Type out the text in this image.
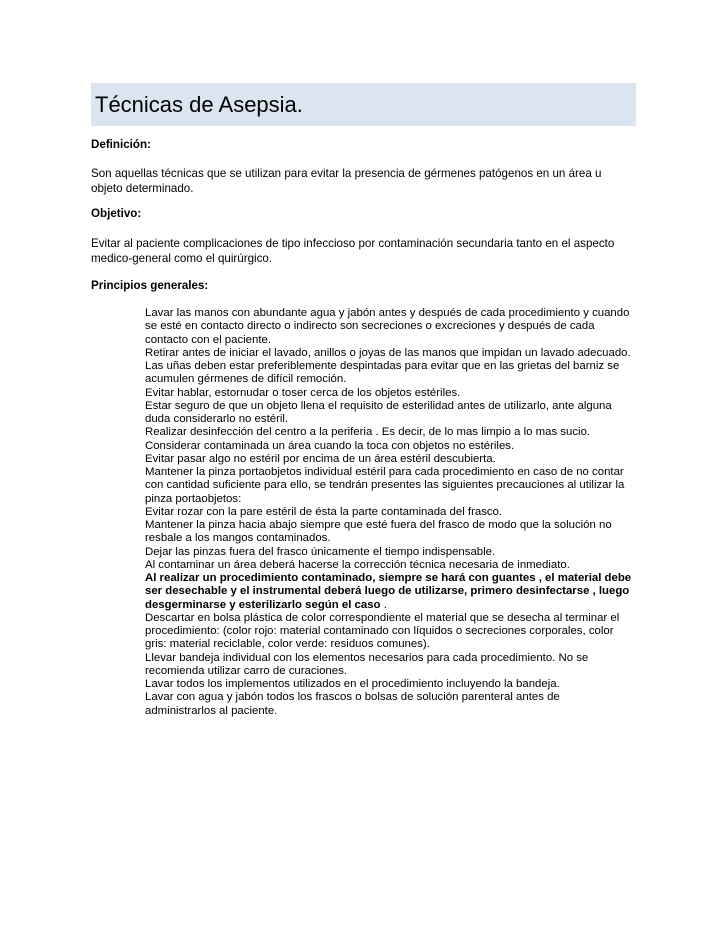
Técnicas de Asepsia.
Definición:

Son aquellas técnicas que se utilizan para evitar la presencia de gérmenes patógenos en un área u
objeto determinado.

Objetivo:

Evitar al paciente complicaciones de tipo infeccioso por contaminación secundaria tanto en el aspecto
medico-general como el quirúrgico.

Principios generales:
Lavar las manos con abundante agua y jabón antes y después de cada procedimiento y cuando
se esté en contacto directo o indirecto son secreciones o excreciones y después de cada
contacto con el paciente.
Retirar antes de iniciar el lavado, anillos o joyas de las manos que impidan un lavado adecuado.
Las uñas deben estar preferiblemente despintadas para evitar que en las grietas del barniz se
acumulen gérmenes de difícil remoción.
Evitar hablar, estornudar o toser cerca de los objetos estériles.
Estar seguro de que un objeto llena el requisito de esterilidad antes de utilizarlo, ante alguna
duda considerarlo no estéril.
Realizar desinfección del centro a la periferia . Es decir, de lo mas limpio a lo mas sucio.
Considerar contaminada un área cuando la toca con objetos no estériles.
Evitar pasar algo no estéril por encima de un área estéril descubierta.
Mantener la pinza portaobjetos individual estéril para cada procedimiento en caso de no contar
con cantidad suficiente para ello, se tendrán presentes las siguientes precauciones al utilizar la
pinza portaobjetos:
Evitar rozar con la pare estéril de ésta la parte contaminada del frasco.
Mantener la pinza hacia abajo siempre que esté fuera del frasco de modo que la solución no
resbale a los mangos contaminados.
Dejar las pinzas fuera del frasco únicamente el tiempo indispensable.
Al contaminar un área deberá hacerse la corrección técnica necesaria de inmediato.
Al realizar un procedimiento contaminado, siempre se hará con guantes , el material debe
ser desechable y el instrumental deberá luego de utilizarse, primero desinfectarse , luego
desgerminarse y esterilizarlo según el caso .
Descartar en bolsa plástica de color correspondiente el material que se desecha al terminar el
procedimiento: (color rojo: material contaminado con líquidos o secreciones corporales, color
gris: material reciclable, color verde: residuos comunes).
Llevar bandeja individual con los elementos necesarios para cada procedimiento. No se
recomienda utilizar carro de curaciones.
Lavar todos los implementos utilizados en el procedimiento incluyendo la bandeja.
Lavar con agua y jabón todos los frascos o bolsas de solución parenteral antes de
administrarlos al paciente.
